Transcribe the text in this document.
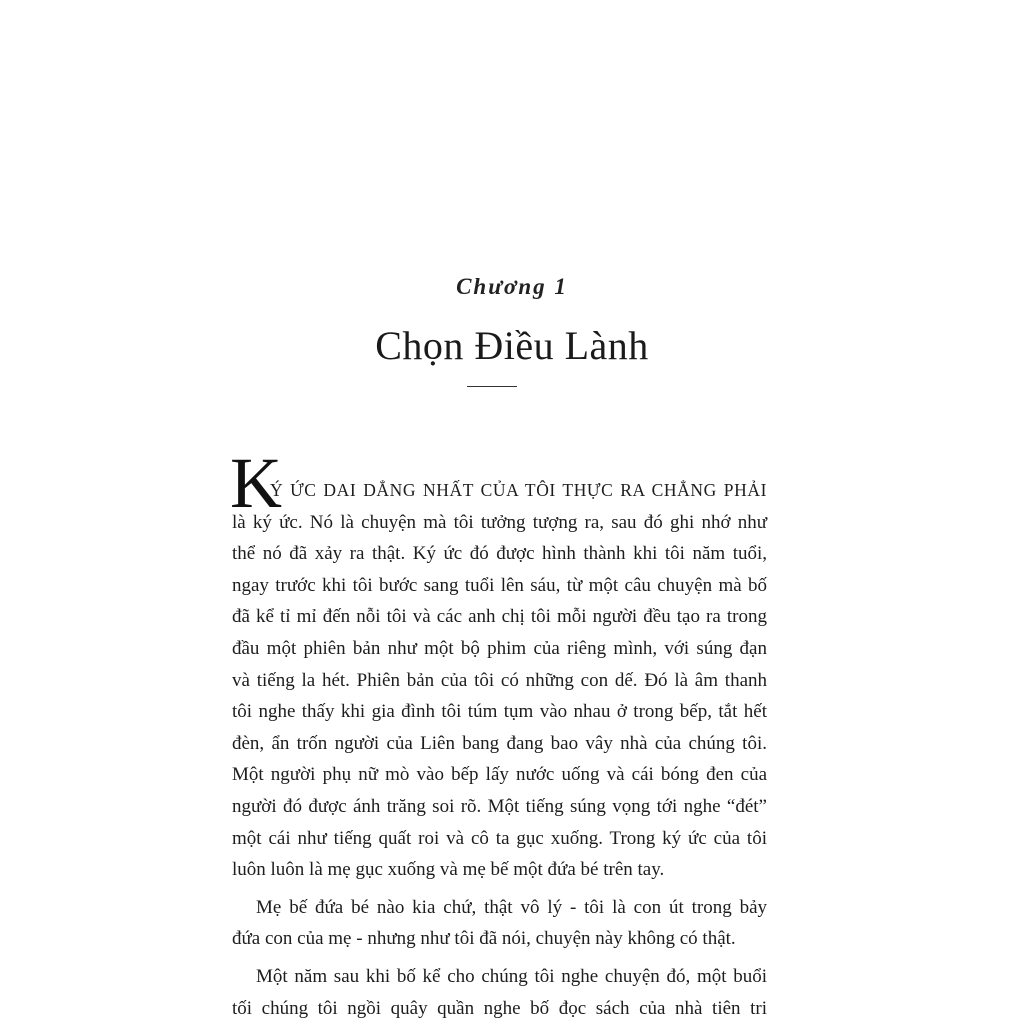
Chương 1
Chọn Điều Lành
K
Ý ỨC DAI DẲNG NHẤT CỦA TÔI THỰC RA CHẲNG PHẢI
là ký ức. Nó là chuyện mà tôi tưởng tượng ra, sau đó ghi nhớ như
thể nó đã xảy ra thật. Ký ức đó được hình thành khi tôi năm tuổi,
ngay trước khi tôi bước sang tuổi lên sáu, từ một câu chuyện mà bố
đã kể tỉ mỉ đến nỗi tôi và các anh chị tôi mỗi người đều tạo ra trong
đầu một phiên bản như một bộ phim của riêng mình, với súng đạn
và tiếng la hét. Phiên bản của tôi có những con dế. Đó là âm thanh
tôi nghe thấy khi gia đình tôi túm tụm vào nhau ở trong bếp, tắt hết
đèn, ẩn trốn người của Liên bang đang bao vây nhà của chúng tôi.
Một người phụ nữ mò vào bếp lấy nước uống và cái bóng đen của
người đó được ánh trăng soi rõ. Một tiếng súng vọng tới nghe “đét”
một cái như tiếng quất roi và cô ta gục xuống. Trong ký ức của tôi
luôn luôn là mẹ gục xuống và mẹ bế một đứa bé trên tay.
Mẹ bế đứa bé nào kia chứ, thật vô lý - tôi là con út trong bảy
đứa con của mẹ - nhưng như tôi đã nói, chuyện này không có thật.
Một năm sau khi bố kể cho chúng tôi nghe chuyện đó, một buổi
tối chúng tôi ngồi quây quần nghe bố đọc sách của nhà tiên tri
